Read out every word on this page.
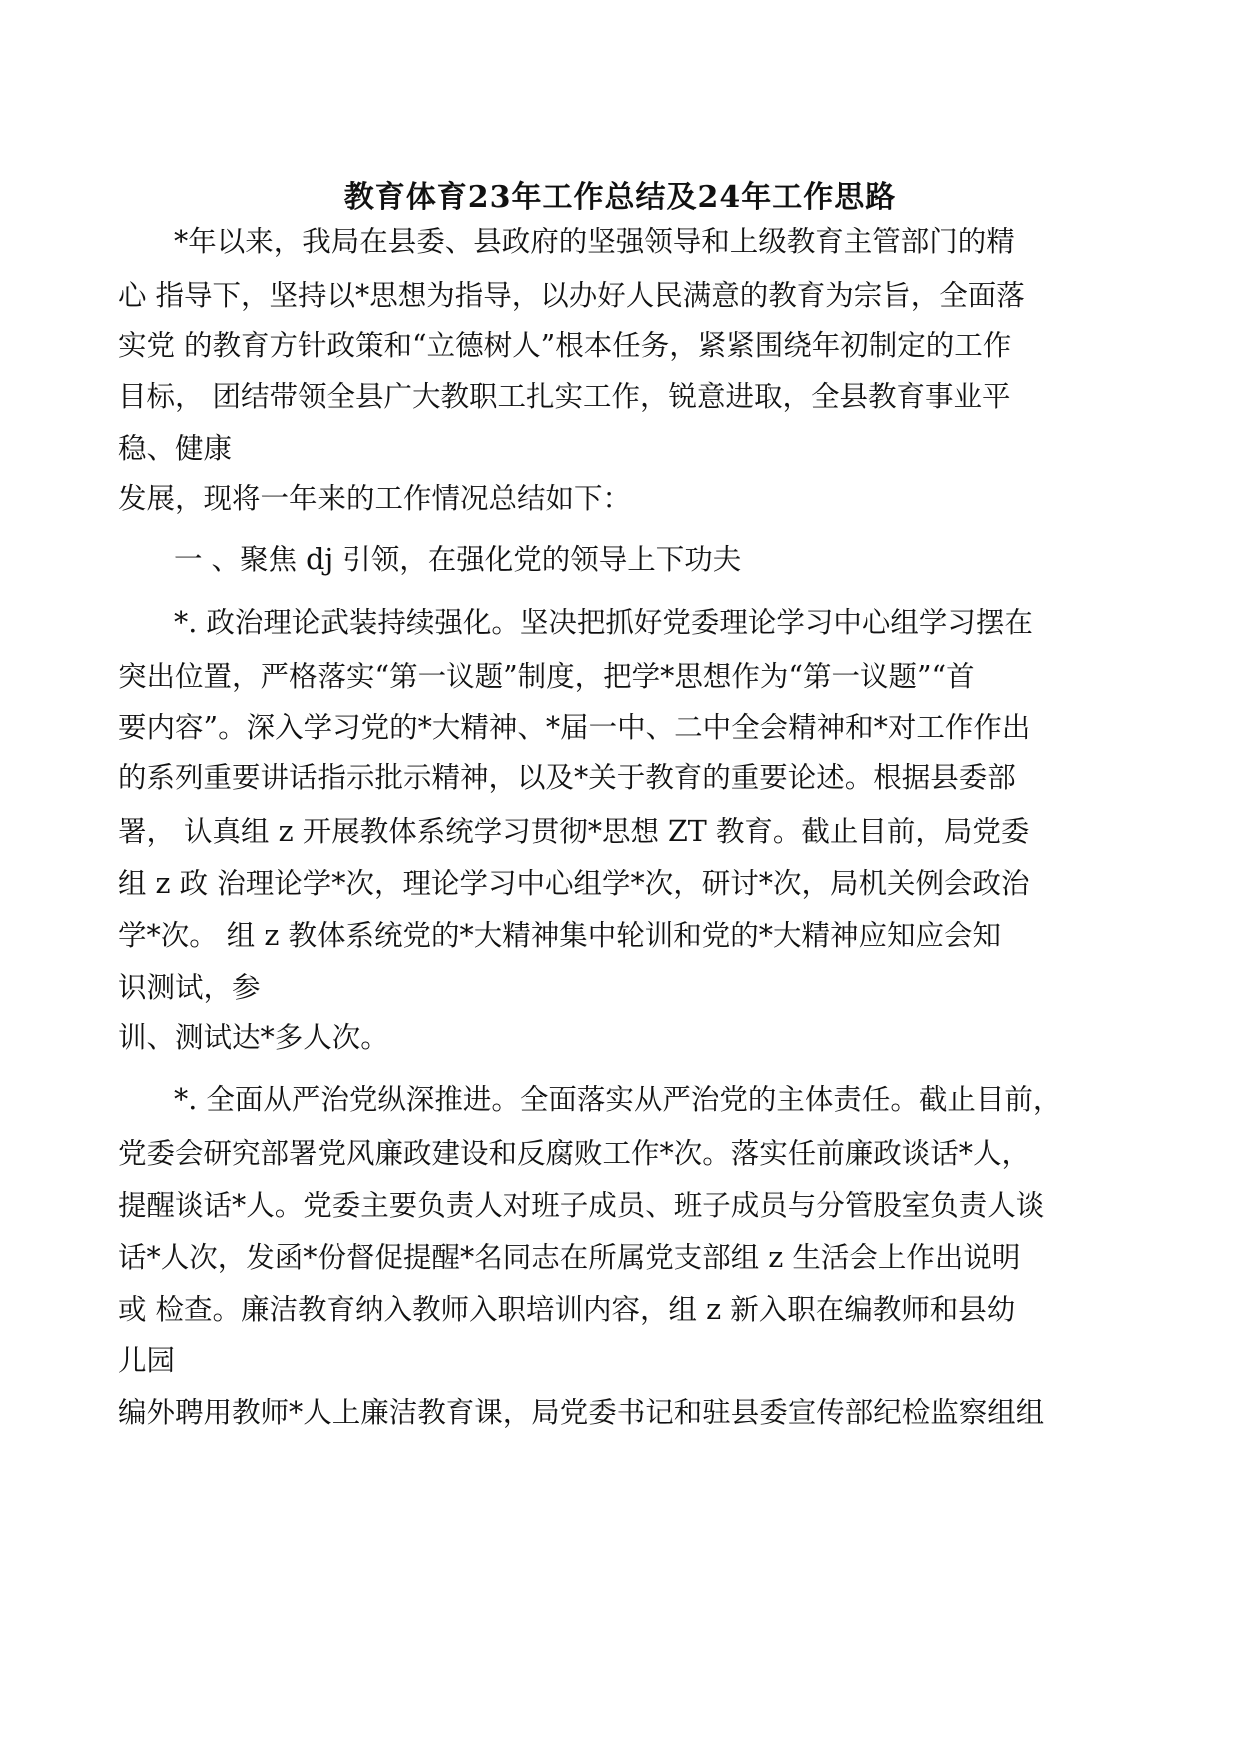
教育体育23年工作总结及24年工作思路
*年以来，我局在县委、县政府的坚强领导和上级教育主管部门的精
心 指导下，坚持以*思想为指导，以办好人民满意的教育为宗旨，全面落
实党 的教育方针政策和“立德树人”根本任务，紧紧围绕年初制定的工作
目标， 团结带领全县广大教职工扎实工作，锐意进取，全县教育事业平
稳、健康
发展，现将一年来的工作情况总结如下：
一 、聚焦 dj 引领，在强化党的领导上下功夫
*. 政治理论武装持续强化。坚决把抓好党委理论学习中心组学习摆在
突出位置，严格落实“第一议题”制度，把学*思想作为“第一议题”“首
要内容”。深入学习党的*大精神、*届一中、二中全会精神和*对工作作出
的系列重要讲话指示批示精神，以及*关于教育的重要论述。根据县委部
署， 认真组 z 开展教体系统学习贯彻*思想 ZT 教育。截止目前，局党委
组 z 政 治理论学*次，理论学习中心组学*次，研讨*次，局机关例会政治
学*次。 组 z 教体系统党的*大精神集中轮训和党的*大精神应知应会知
识测试，参
训、测试达*多人次。
*. 全面从严治党纵深推进。全面落实从严治党的主体责任。截止目前，
党委会研究部署党风廉政建设和反腐败工作*次。落实任前廉政谈话*人，
提醒谈话*人。党委主要负责人对班子成员、班子成员与分管股室负责人谈
话*人次，发函*份督促提醒*名同志在所属党支部组 z 生活会上作出说明
或 检查。廉洁教育纳入教师入职培训内容，组 z 新入职在编教师和县幼
儿园
编外聘用教师*人上廉洁教育课，局党委书记和驻县委宣传部纪检监察组组
